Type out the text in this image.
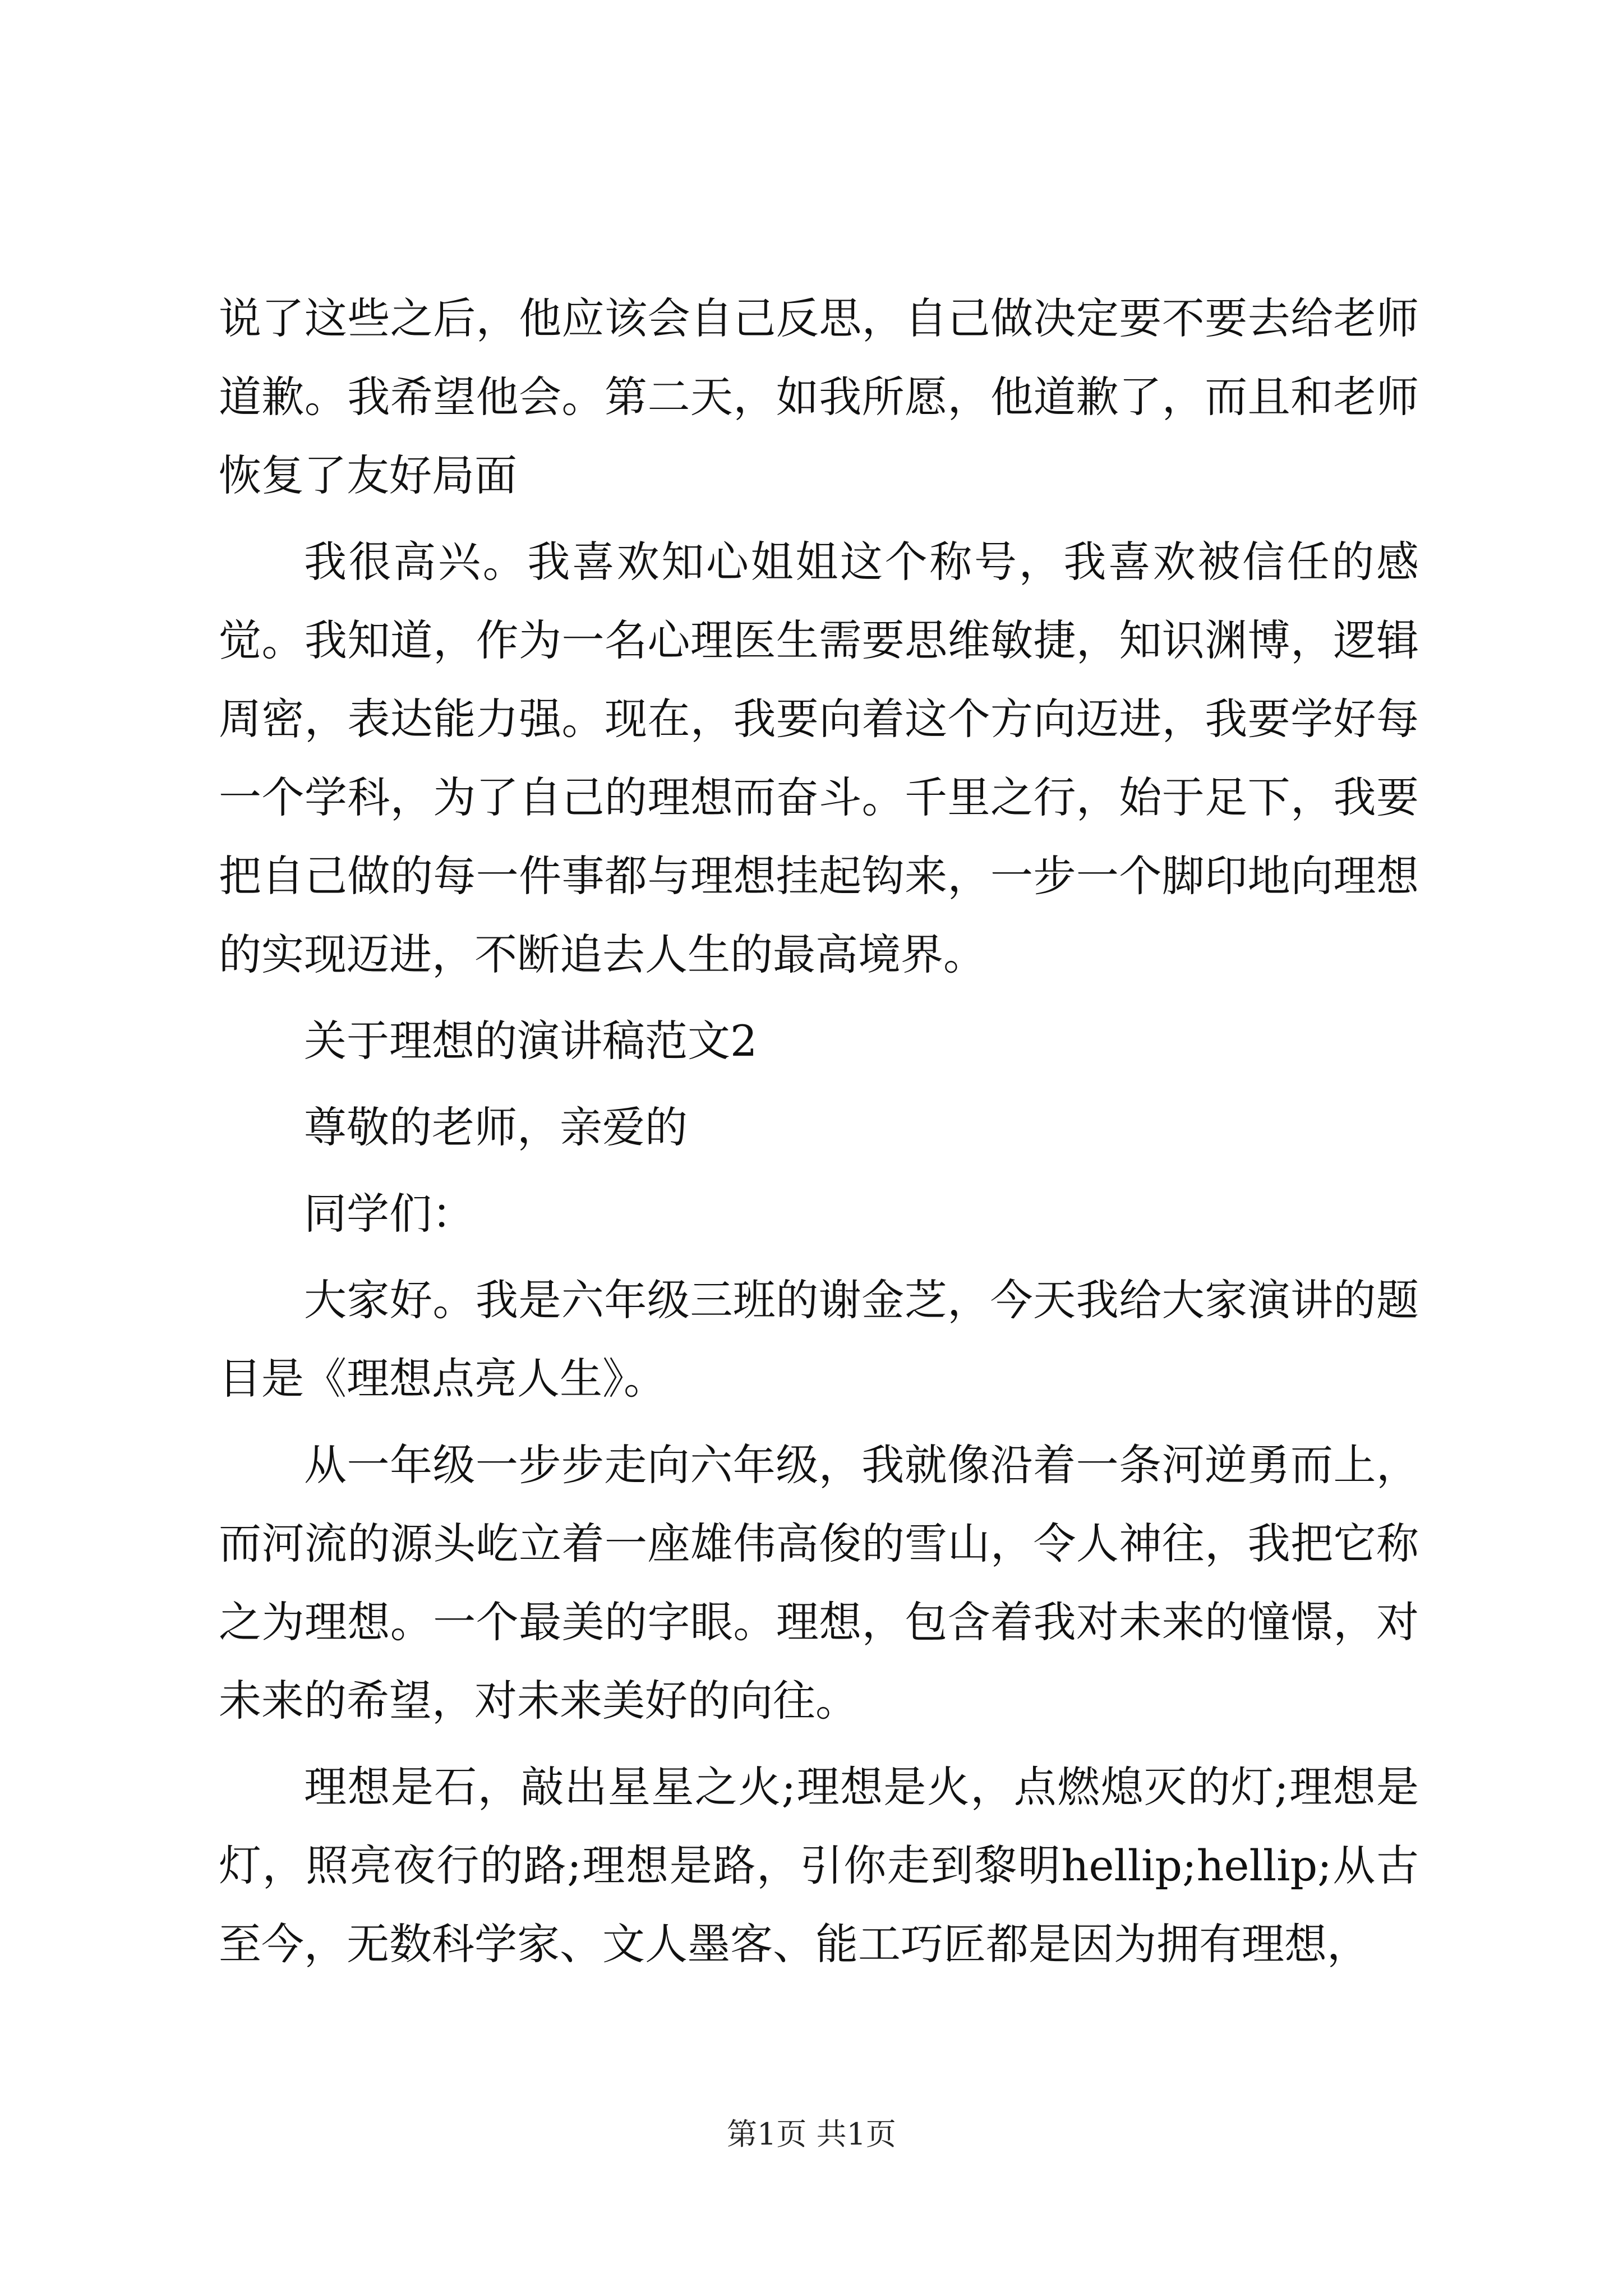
说了这些之后，他应该会自己反思，自己做决定要不要去给老师道歉。我希望他会。第二天，如我所愿，他道歉了，而且和老师恢复了友好局面

我很高兴。我喜欢知心姐姐这个称号，我喜欢被信任的感觉。我知道，作为一名心理医生需要思维敏捷，知识渊博，逻辑周密，表达能力强。现在，我要向着这个方向迈进，我要学好每一个学科，为了自己的理想而奋斗。千里之行，始于足下，我要把自己做的每一件事都与理想挂起钩来，一步一个脚印地向理想的实现迈进，不断追去人生的最高境界。

关于理想的演讲稿范文2

尊敬的老师，亲爱的

同学们：

大家好。我是六年级三班的谢金芝，今天我给大家演讲的题目是《理想点亮人生》。

从一年级一步步走向六年级，我就像沿着一条河逆勇而上，而河流的源头屹立着一座雄伟高俊的雪山，令人神往，我把它称之为理想。一个最美的字眼。理想，包含着我对未来的憧憬，对未来的希望，对未来美好的向往。

理想是石，敲出星星之火;理想是火，点燃熄灭的灯;理想是灯，照亮夜行的路;理想是路，引你走到黎明hellip;hellip;从古至今，无数科学家、文人墨客、能工巧匠都是因为拥有理想，

第1页 共1页
